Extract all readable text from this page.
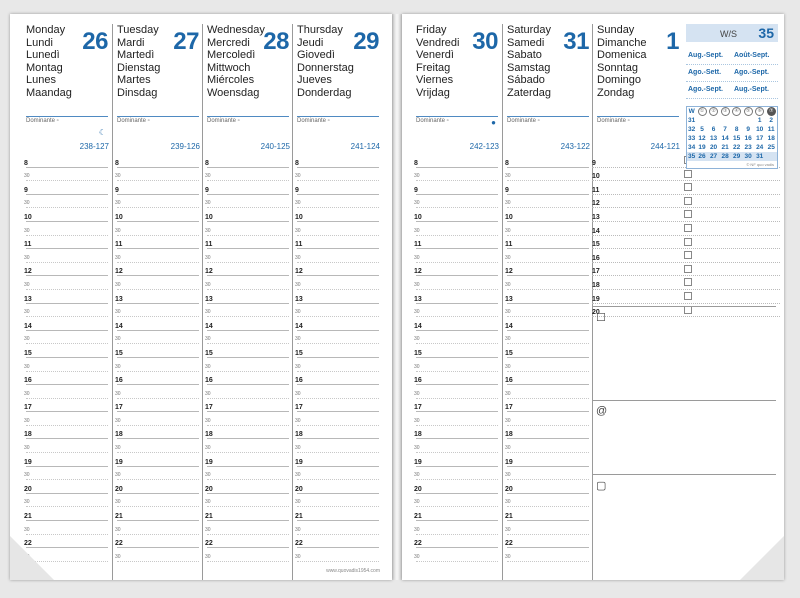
Monday
Lundi
Lunedì
Montag
Lunes
Maandag
26
Dominante ▫
☾
238-127
8
30
9
30
10
30
11
30
12
30
13
30
14
30
15
30
16
30
17
30
18
30
19
30
20
30
21
30
22
30
Tuesday
Mardi
Martedì
Dienstag
Martes
Dinsdag
27
Dominante ▫
239-126
8
30
9
30
10
30
11
30
12
30
13
30
14
30
15
30
16
30
17
30
18
30
19
30
20
30
21
30
22
30
Wednesday
Mercredi
Mercoledì
Mittwoch
Miércoles
Woensdag
28
Dominante ▫
240-125
8
30
9
30
10
30
11
30
12
30
13
30
14
30
15
30
16
30
17
30
18
30
19
30
20
30
21
30
22
30
Thursday
Jeudi
Giovedì
Donnerstag
Jueves
Donderdag
29
Dominante ▫
241-124
8
30
9
30
10
30
11
30
12
30
13
30
14
30
15
30
16
30
17
30
18
30
19
30
20
30
21
30
22
30
www.quovadis1954.com
Friday
Vendredi
Venerdì
Freitag
Viernes
Vrijdag
30
Dominante ▫	●
242-123
8
30
9
30
10
30
11
30
12
30
13
30
14
30
15
30
16
30
17
30
18
30
19
30
20
30
21
30
22
30
Saturday
Samedi
Sabato
Samstag
Sábado
Zaterdag
31
Dominante ▫
243-122
8
30
9
30
10
30
11
30
12
30
13
30
14
30
15
30
16
30
17
30
18
30
19
30
20
30
21
30
22
30
Sunday
Dimanche
Domenica
Sonntag
Domingo
Zondag
1
Dominante ▫
244-121
9
10
11
12
13
14
15
16
17
18
19
20
☐
@
▢
W/S 35
Aug.-Sept. Août-Sept.
Ago.-Sett. Ago.-Sept.
Ago.-Sept. Aug.-Sept.
W	①	②	③	④	⑤	⑥	⑦
31						1	2
32	5	6	7	8	9	10	11
33	12	13	14	15	16	17	18
34	19	20	21	22	23	24	25
35	26	27	28	29	30	31	
© NF quo vadis
